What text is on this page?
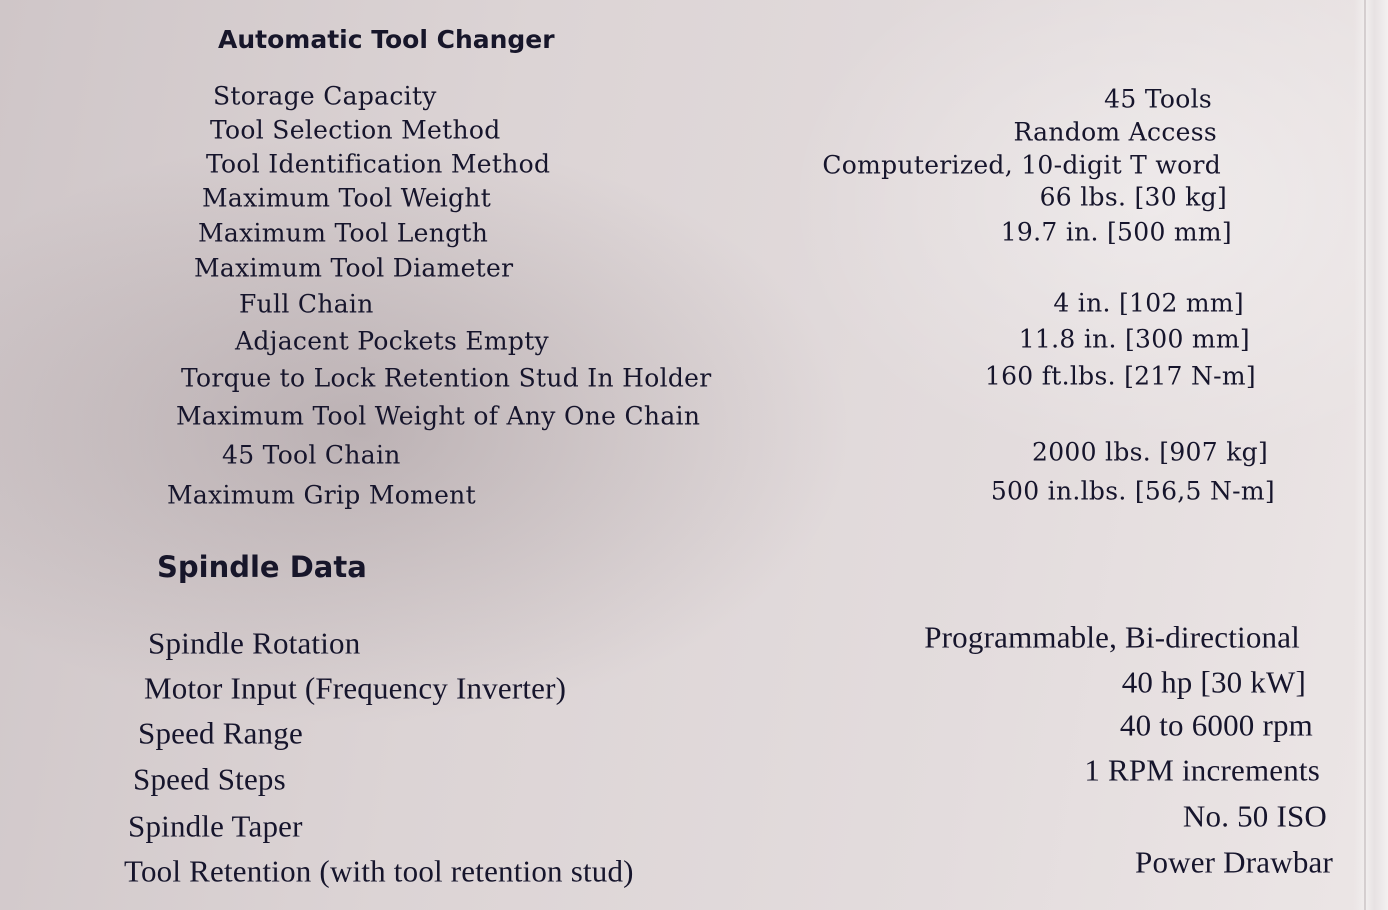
Automatic Tool Changer
Storage Capacity	45 Tools
Tool Selection Method	Random Access
Tool Identification Method	Computerized, 10-digit T word
Maximum Tool Weight	66 lbs. [30 kg]
Maximum Tool Length	19.7 in. [500 mm]
Maximum Tool Diameter
Full Chain	4 in. [102 mm]
Adjacent Pockets Empty	11.8 in. [300 mm]
Torque to Lock Retention Stud In Holder	160 ft.lbs. [217 N-m]
Maximum Tool Weight of Any One Chain
45 Tool Chain	2000 lbs. [907 kg]
Maximum Grip Moment	500 in.lbs. [56,5 N-m]
Spindle Data
Spindle Rotation	Programmable, Bi-directional
Motor Input (Frequency Inverter)	40 hp [30 kW]
Speed Range	40 to 6000 rpm
Speed Steps	1 RPM increments
Spindle Taper	No. 50 ISO
Tool Retention (with tool retention stud)	Power Drawbar
